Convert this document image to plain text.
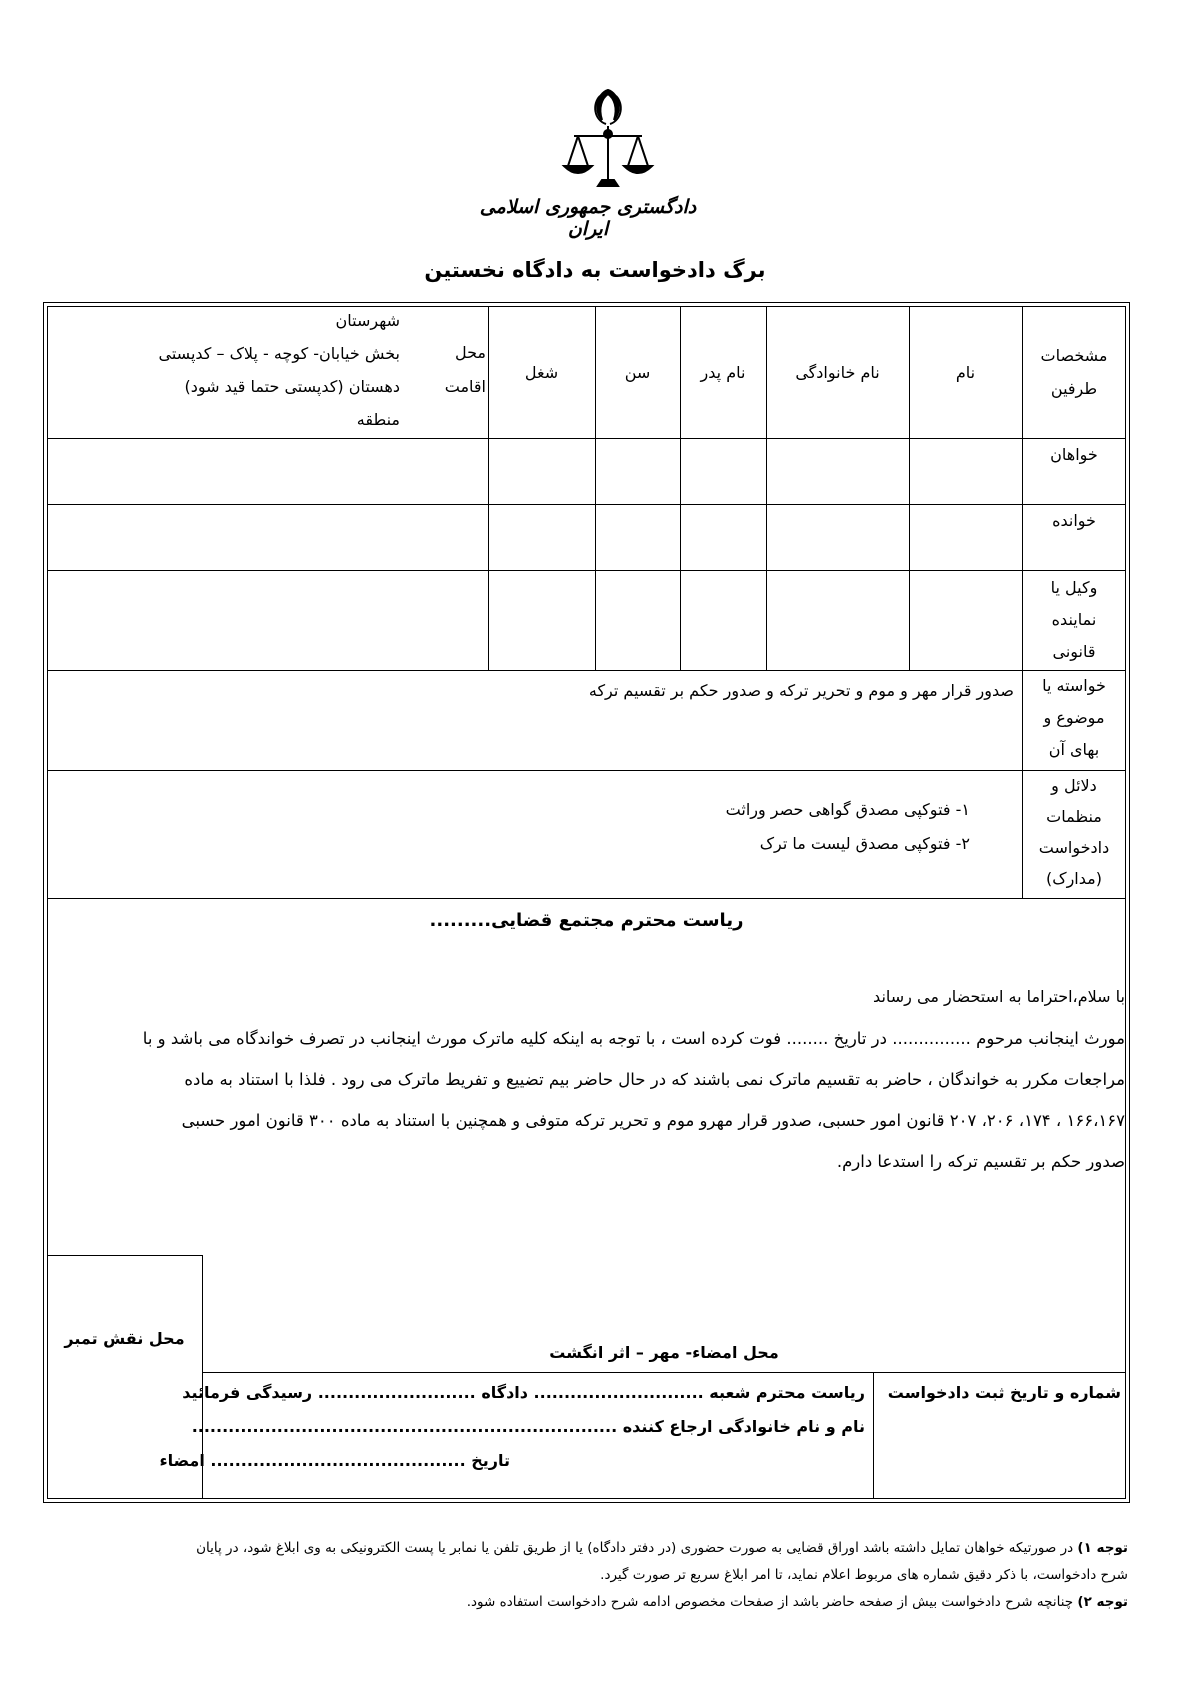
دادگستری جمهوری اسلامی ایران
برگ دادخواست به دادگاه نخستین
مشخصات
طرفین
نام
نام خانوادگی
نام پدر
سن
شغل
محل اقامت
شهرستان
بخش خیابان- کوچه - پلاک – کدپستی
دهستان (کدپستی حتما قید شود)
منطقه
خواهان
خوانده
وکیل یا
نماینده
قانونی
خواسته یا
موضوع و
بهای آن
صدور قرار مهر و موم و تحریر ترکه و صدور حکم بر تقسیم ترکه
دلائل و
منظمات
دادخواست
(مدارک)
۱- فتوکپی مصدق گواهی حصر وراثت
۲- فتوکپی مصدق لیست ما ترک
ریاست محترم مجتمع قضایی.........
با سلام،احتراما به استحضار می رساند
مورث اینجانب مرحوم ............... در تاریخ ........ فوت کرده است ، با توجه به اینکه کلیه ماترک مورث اینجانب در تصرف خواندگاه می باشد و با
مراجعات مکرر به خواندگان ، حاضر به تقسیم ماترک نمی باشند که در حال حاضر بیم تضییع و تفریط ماترک می رود . فلذا با استناد به ماده
۱۶۶،۱۶۷ ، ۱۷۴، ۲۰۶، ۲۰۷ قانون امور حسبی، صدور قرار مهرو موم و تحریر ترکه متوفی و همچنین با استناد به ماده ۳۰۰ قانون امور حسبی
صدور حکم بر تقسیم ترکه را استدعا دارم.
محل نقش تمبر
محل امضاء- مهر – اثر انگشت
شماره و تاریخ ثبت دادخواست
ریاست محترم شعبه ............................ دادگاه .......................... رسیدگی فرمائید
نام و نام خانوادگی ارجاع کننده ......................................................................
تاریخ .......................................... امضاء
توجه ۱) در صورتیکه خواهان تمایل داشته باشد اوراق قضایی به صورت حضوری (در دفتر دادگاه) یا از طریق تلفن یا نمابر یا پست الکترونیکی به وی ابلاغ شود، در پایان
شرح دادخواست، با ذکر دقیق شماره های مربوط اعلام نماید، تا امر ابلاغ سریع تر صورت گیرد.
توجه ۲) چنانچه شرح دادخواست بیش از صفحه حاضر باشد از صفحات مخصوص ادامه شرح دادخواست استفاده شود.
